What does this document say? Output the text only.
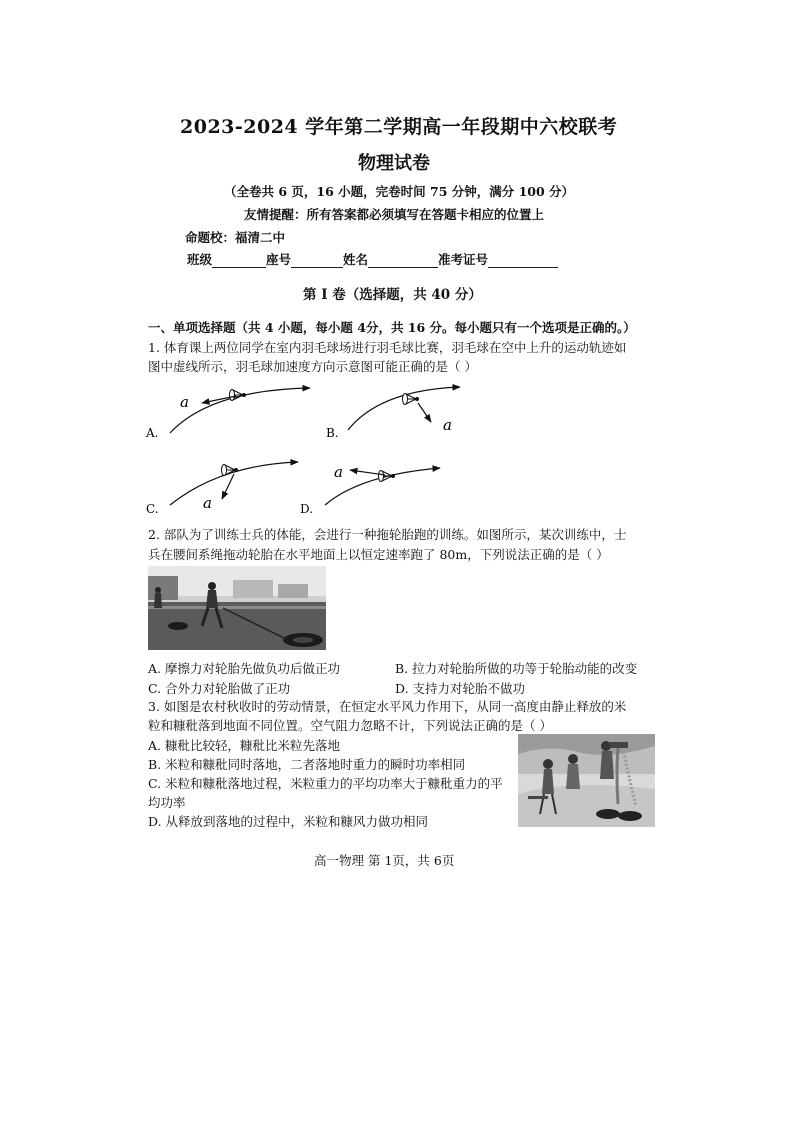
2023-2024 学年第二学期高一年段期中六校联考
物理试卷
（全卷共 6 页，16 小题，完卷时间 75 分钟，满分 100 分）
友情提醒：所有答案都必须填写在答题卡相应的位置上
命题校：福清二中
班级	座号	姓名	准考证号
第 Ⅰ 卷（选择题，共 40 分）
一、单项选择题（共 4 小题，每小题 4分，共 16 分。每小题只有一个选项是正确的。）
1. 体育课上两位同学在室内羽毛球场进行羽毛球比赛，羽毛球在空中上升的运动轨迹如
图中虚线所示，羽毛球加速度方向示意图可能正确的是（ ）
a
A.	a
B.
a
C.
a
D.
2. 部队为了训练士兵的体能，会进行一种拖轮胎跑的训练。如图所示，某次训练中，士
兵在腰间系绳拖动轮胎在水平地面上以恒定速率跑了 80m，下列说法正确的是（ ）
A. 摩擦力对轮胎先做负功后做正功	B. 拉力对轮胎所做的功等于轮胎动能的改变
C. 合外力对轮胎做了正功	D. 支持力对轮胎不做功
3. 如图是农村秋收时的劳动情景，在恒定水平风力作用下，从同一高度由静止释放的米
粒和糠秕落到地面不同位置。空气阻力忽略不计，下列说法正确的是（ ）
A. 糠秕比较轻，糠秕比米粒先落地
B. 米粒和糠秕同时落地，二者落地时重力的瞬时功率相同
C. 米粒和糠秕落地过程，米粒重力的平均功率大于糠秕重力的平
均功率
D. 从释放到落地的过程中，米粒和糠风力做功相同
高一物理 第 1页，共 6页
